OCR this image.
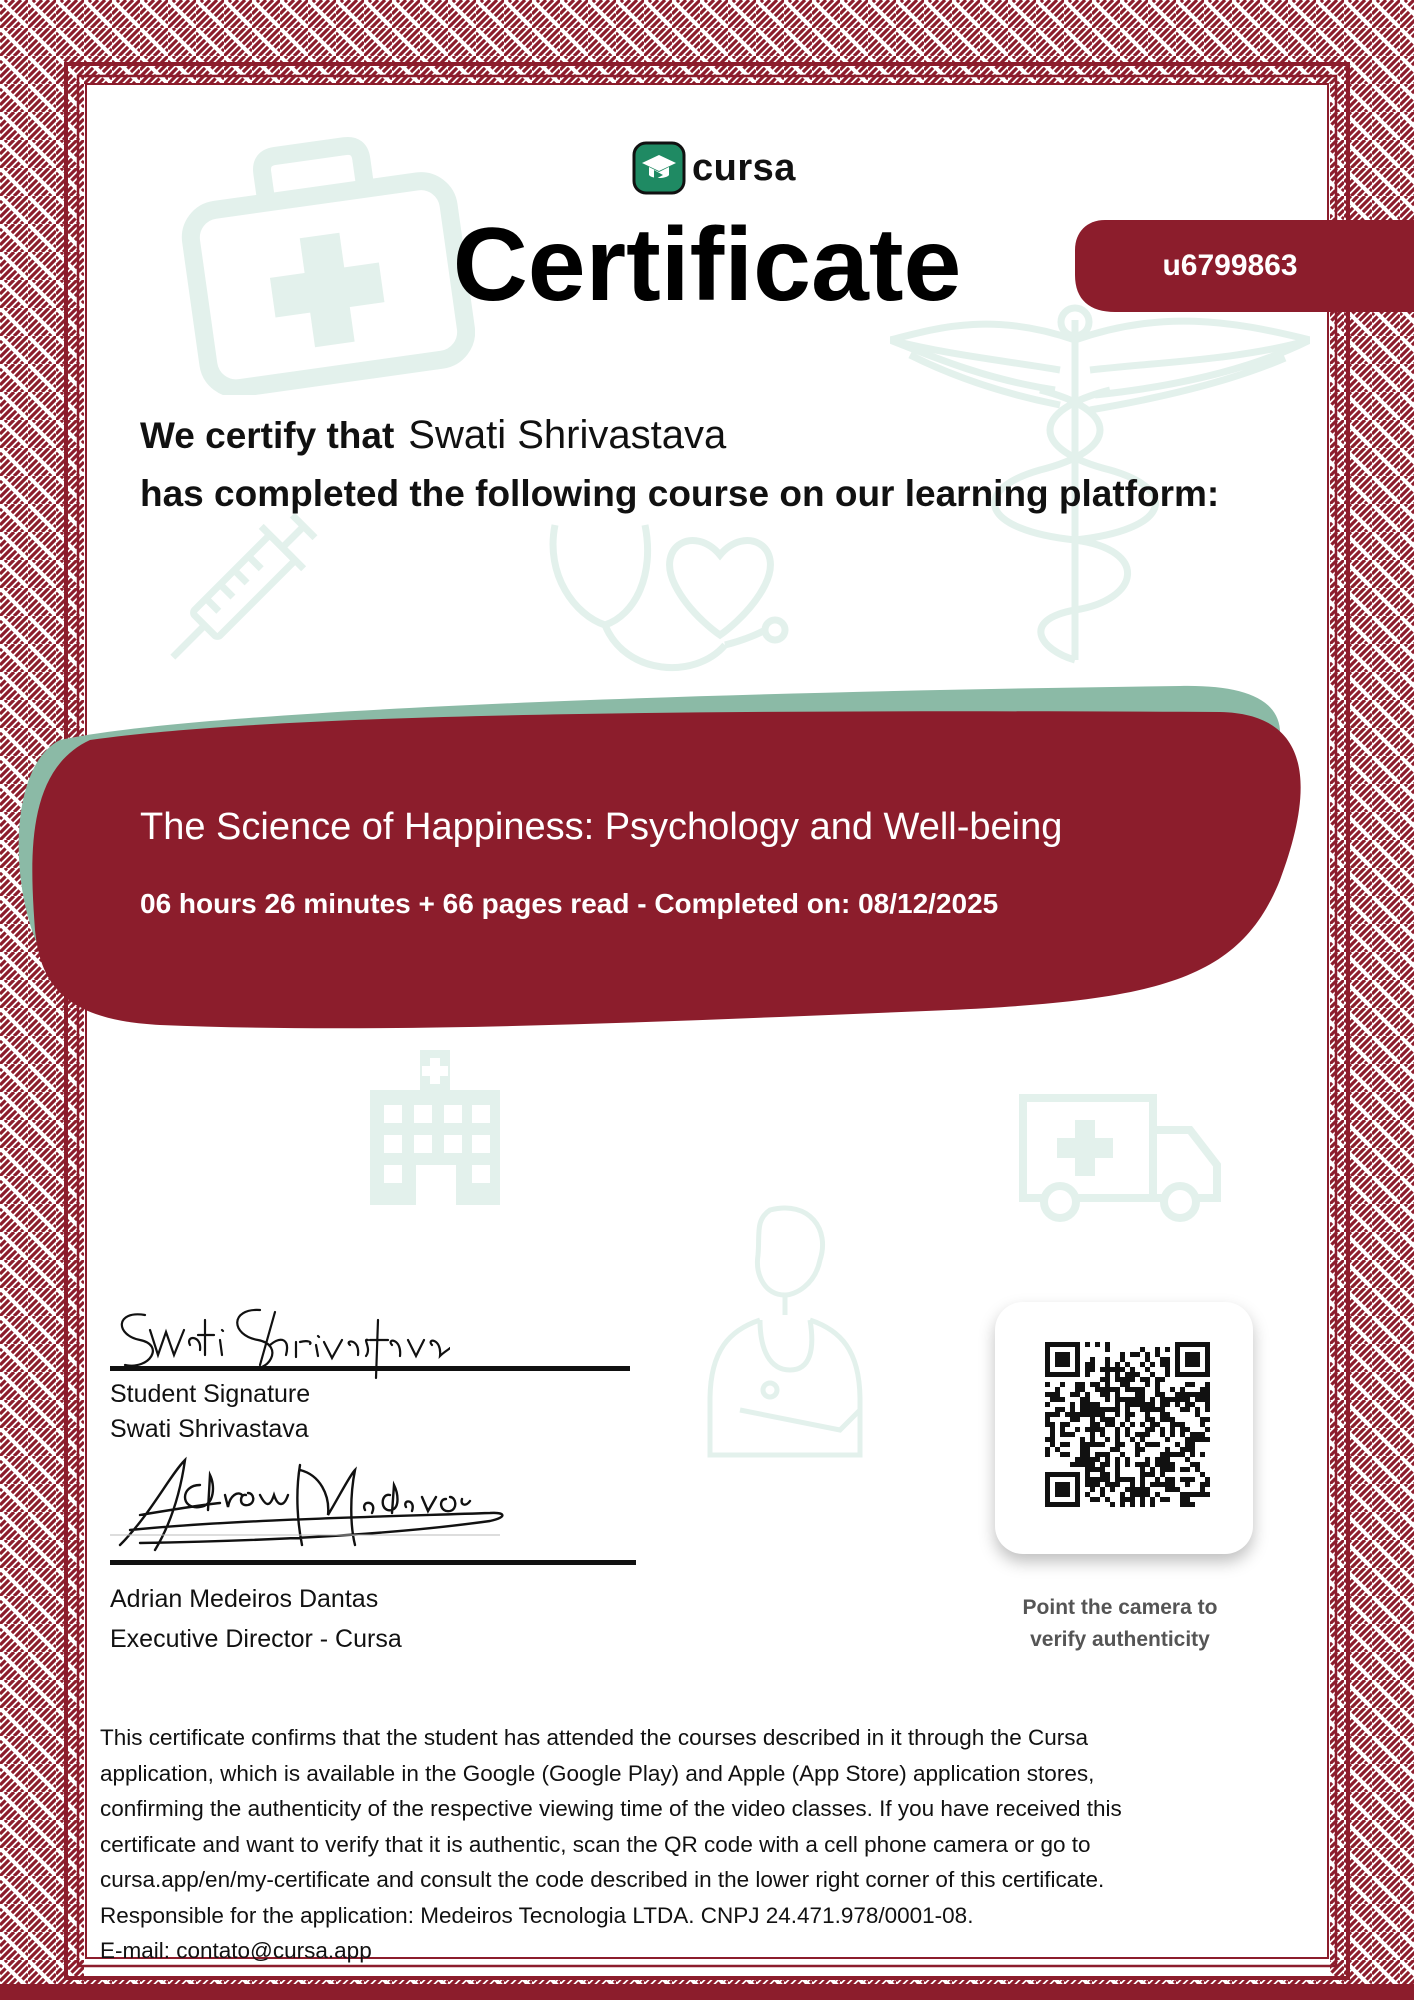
cursa
Certificate	u6799863
We certify that Swati Shrivastava
has completed the following course on our learning platform:
The Science of Happiness: Psychology and Well-being
06 hours 26 minutes + 66 pages read - Completed on: 08/12/2025
Student Signature
Swati Shrivastava
Adrian Medeiros Dantas
Executive Director - Cursa
Point the camera to
verify authenticity
This certificate confirms that the student has attended the courses described in it through the Cursa
application, which is available in the Google (Google Play) and Apple (App Store) application stores,
confirming the authenticity of the respective viewing time of the video classes. If you have received this
certificate and want to verify that it is authentic, scan the QR code with a cell phone camera or go to
cursa.app/en/my-certificate and consult the code described in the lower right corner of this certificate.
Responsible for the application: Medeiros Tecnologia LTDA. CNPJ 24.471.978/0001-08.
E-mail: contato@cursa.app
